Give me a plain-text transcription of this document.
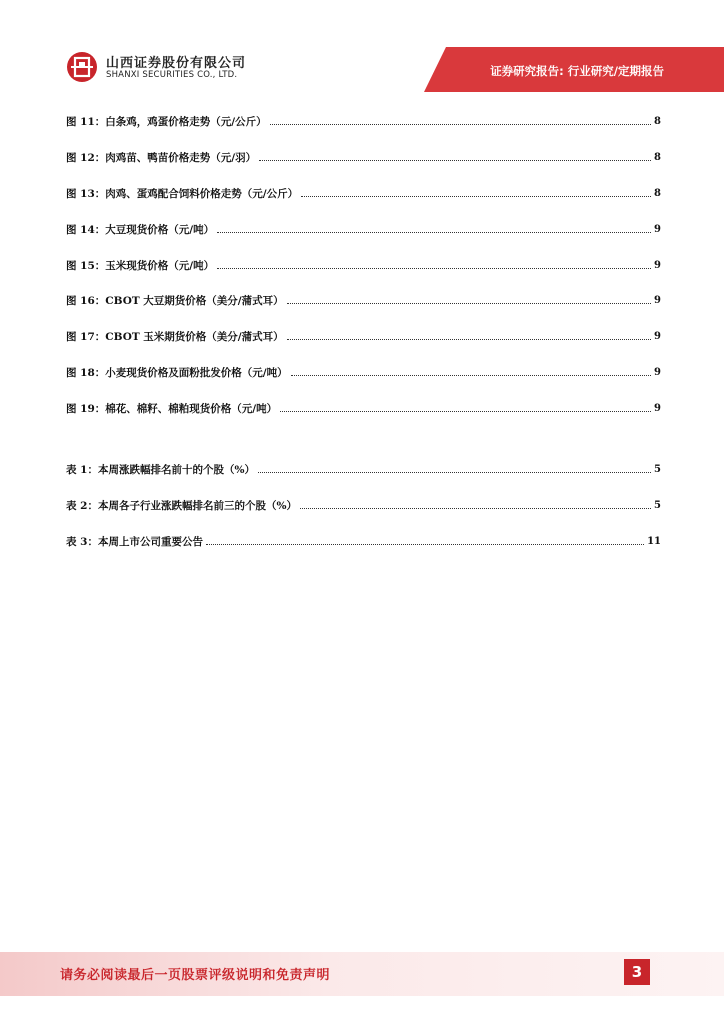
山西证券股份有限公司
SHANXI SECURITIES CO., LTD.	证券研究报告: 行业研究/定期报告
图 11：白条鸡，鸡蛋价格走势（元/公斤）	8
图 12：肉鸡苗、鸭苗价格走势（元/羽）	8
图 13：肉鸡、蛋鸡配合饲料价格走势（元/公斤）	8
图 14：大豆现货价格（元/吨）	9
图 15：玉米现货价格（元/吨）	9
图 16：CBOT 大豆期货价格（美分/蒲式耳）	9
图 17：CBOT 玉米期货价格（美分/蒲式耳）	9
图 18：小麦现货价格及面粉批发价格（元/吨）	9
图 19：棉花、棉籽、棉粕现货价格（元/吨）	9
表 1：本周涨跌幅排名前十的个股（%）	5
表 2：本周各子行业涨跌幅排名前三的个股（%）	5
表 3：本周上市公司重要公告	11
请务必阅读最后一页股票评级说明和免责声明	3
